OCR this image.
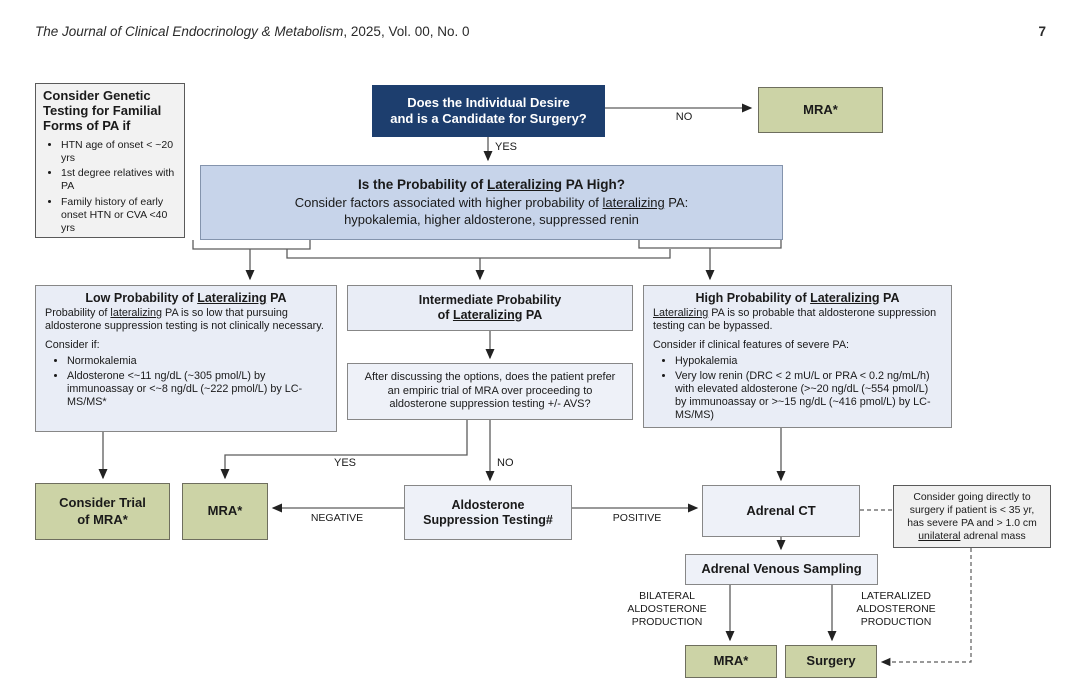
The Journal of Clinical Endocrinology & Metabolism, 2025, Vol. 00, No. 0	7
Consider Genetic Testing for Familial Forms of PA if
• HTN age of onset < ~20 yrs
• 1st degree relatives with PA
• Family history of early onset HTN or CVA <40 yrs
Does the Individual Desire
and is a Candidate for Surgery?
MRA*
Is the Probability of Lateralizing PA High?
Consider factors associated with higher probability of lateralizing PA:
hypokalemia, higher aldosterone, suppressed renin
Low Probability of Lateralizing PA
Probability of lateralizing PA is so low that pursuing aldosterone suppression testing is not clinically necessary.
Consider if:
• Normokalemia
• Aldosterone <~11 ng/dL (~305 pmol/L) by immunoassay or <~8 ng/dL (~222 pmol/L) by LC-MS/MS*
Intermediate Probability
of Lateralizing PA
After discussing the options, does the patient prefer an empiric trial of MRA over proceeding to aldosterone suppression testing +/- AVS?
High Probability of Lateralizing PA
Lateralizing PA is so probable that aldosterone suppression testing can be bypassed.
Consider if clinical features of severe PA:
• Hypokalemia
• Very low renin (DRC < 2 mU/L or PRA < 0.2 ng/mL/h) with elevated aldosterone (>~20 ng/dL (~554 pmol/L) by immunoassay or >~15 ng/dL (~416 pmol/L) by LC-MS/MS)
Consider Trial
of MRA*
MRA*	Aldosterone
Suppression Testing#
Adrenal CT
Consider going directly to surgery if patient is < 35 yr, has severe PA and > 1.0 cm unilateral adrenal mass
Adrenal Venous Sampling
MRA*	Surgery
NO
YES
YES	NO
NEGATIVE	POSITIVE
BILATERAL
ALDOSTERONE
PRODUCTION
LATERALIZED
ALDOSTERONE
PRODUCTION
